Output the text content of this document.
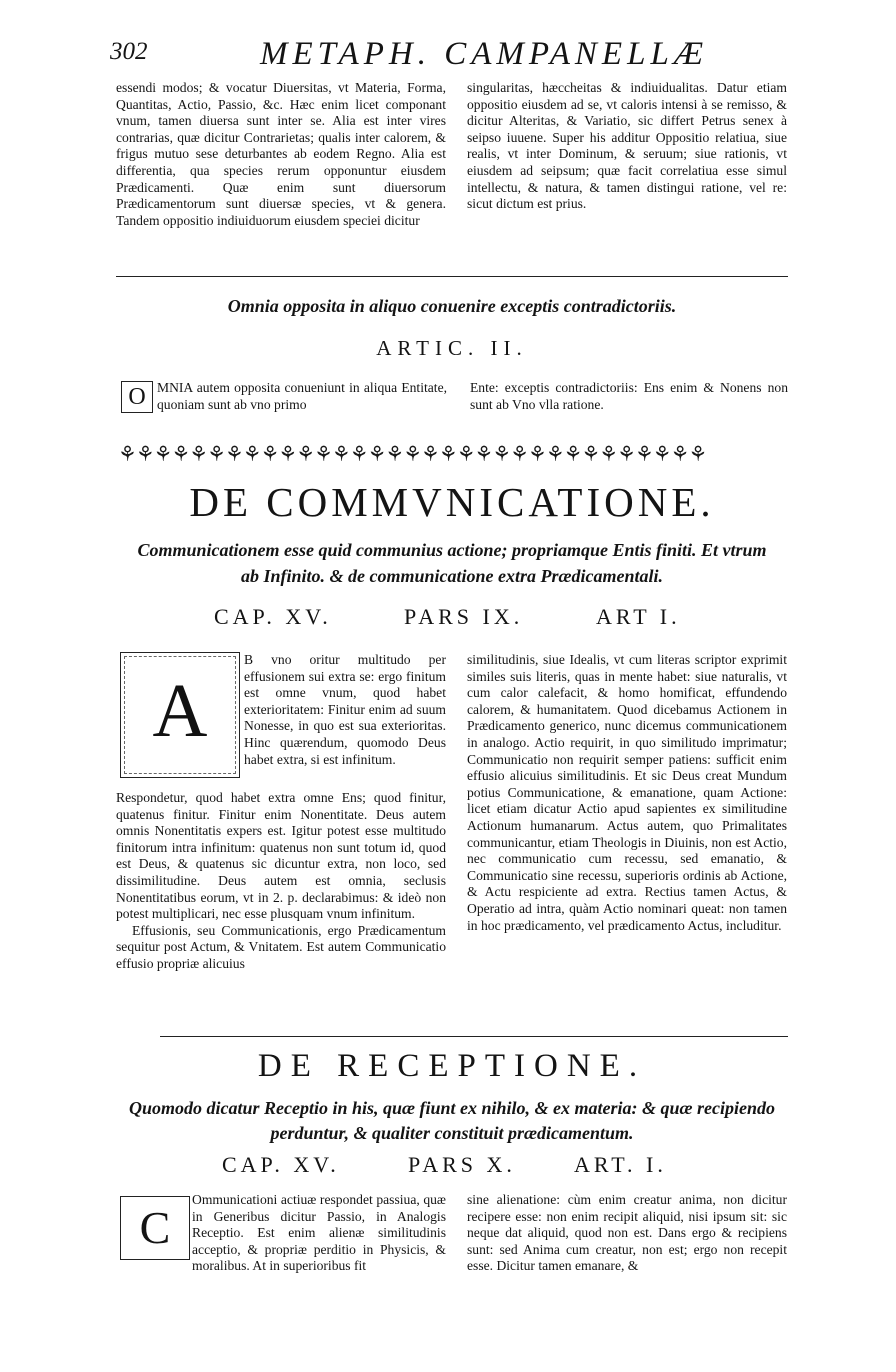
302	METAPH. CAMPANELLÆ

essendi modos; & vocatur Diuersitas, vt Materia, Forma, Quantitas, Actio, Passio, &c. Hæc enim licet componant vnum, tamen diuersa sunt inter se. Alia est inter vires contrarias, quæ dicitur Contrarietas; qualis inter calorem, & frigus mutuo sese deturbantes ab eodem Regno. Alia est differentia, qua species rerum opponuntur eiusdem Prædicamenti. Quæ enim sunt diuersorum Prædicamentorum sunt diuersæ species, vt & genera. Tandem oppositio indiuiduorum eiusdem speciei dicitur

singularitas, hæccheitas & indiuidualitas. Datur etiam oppositio eiusdem ad se, vt caloris intensi à se remisso, & dicitur Alteritas, & Variatio, sic differt Petrus senex à seipso iuuene. Super his additur Oppositio relatiua, siue realis, vt inter Dominum, & seruum; siue rationis, vt eiusdem ad seipsum; quæ facit correlatiua esse simul intellectu, & natura, & tamen distingui ratione, vel re: sicut dictum est prius.

Omnia opposita in aliquo conuenire exceptis contradictoriis.
ARTIC. II.
O MNIA autem opposita conueniunt in aliqua Entitate, quoniam sunt ab vno primo

Ente: exceptis contradictoriis: Ens enim & Nonens non sunt ab Vno vlla ratione.

⚘⚘⚘⚘⚘⚘⚘⚘⚘⚘⚘⚘⚘⚘⚘⚘⚘⚘⚘⚘⚘⚘⚘⚘⚘⚘⚘⚘⚘⚘⚘⚘⚘
DE COMMVNICATIONE.
Communicationem esse quid communius actione; propriamque Entis finiti. Et vtrum
ab Infinito. & de communicatione extra Prædicamentali.
CAP. XV.	PARS IX.	ART I.
A

B vno oritur multitudo per effusionem sui extra se: ergo finitum est omne vnum, quod habet exterioritatem: Finitur enim ad suum Nonesse, in quo est sua exterioritas. Hinc quærendum, quomodo Deus habet extra, si est infinitum.

Respondetur, quod habet extra omne Ens; quod finitur, quatenus finitur. Finitur enim Nonentitate. Deus autem omnis Nonentitatis expers est. Igitur potest esse multitudo finitorum intra infinitum: quatenus non sunt totum id, quod est Deus, & quatenus sic dicuntur extra, non loco, sed dissimilitudine. Deus autem est omnia, seclusis Nonentitatibus eorum, vt in 2. p. declarabimus: & ideò non potest multiplicari, nec esse plusquam vnum infinitum.

Effusionis, seu Communicationis, ergo Prædicamentum sequitur post Actum, & Vnitatem. Est autem Communicatio effusio propriæ alicuius

similitudinis, siue Idealis, vt cum literas scriptor exprimit similes suis literis, quas in mente habet: siue naturalis, vt cum calor calefacit, & homo homificat, effundendo calorem, & humanitatem. Quod dicebamus Actionem in Prædicamento generico, nunc dicemus communicationem in analogo. Actio requirit, in quo similitudo imprimatur; Communicatio non requirit semper patiens: sufficit enim effusio alicuius similitudinis. Et sic Deus creat Mundum potius Communicatione, & emanatione, quam Actione: licet etiam dicatur Actio apud sapientes ex similitudine Actionum humanarum. Actus autem, quo Primalitates communicantur, etiam Theologis in Diuinis, non est Actio, nec communicatio cum recessu, sed emanatio, & Communicatio sine recessu, superioris ordinis ab Actione, & Actu respiciente ad extra. Rectius tamen Actus, & Operatio ad intra, quàm Actio nominari queat: non tamen in hoc prædicamento, vel prædicamento Actus, includitur.

DE RECEPTIONE.
Quomodo dicatur Receptio in his, quæ fiunt ex nihilo, & ex materia: & quæ recipiendo
perduntur, & qualiter constituit prædicamentum.
CAP. XV.	PARS X.	ART. I.
C

Ommunicationi actiuæ respondet passiua, quæ in Generibus dicitur Passio, in Analogis Receptio. Est enim alienæ similitudinis acceptio, & propriæ perditio in Physicis, & moralibus. At in superioribus fit

sine alienatione: cùm enim creatur anima, non dicitur recipere esse: non enim recipit aliquid, nisi ipsum sit: sic neque dat aliquid, quod non est. Dans ergo & recipiens sunt: sed Anima cum creatur, non est; ergo non recepit esse. Dicitur tamen emanare, &
